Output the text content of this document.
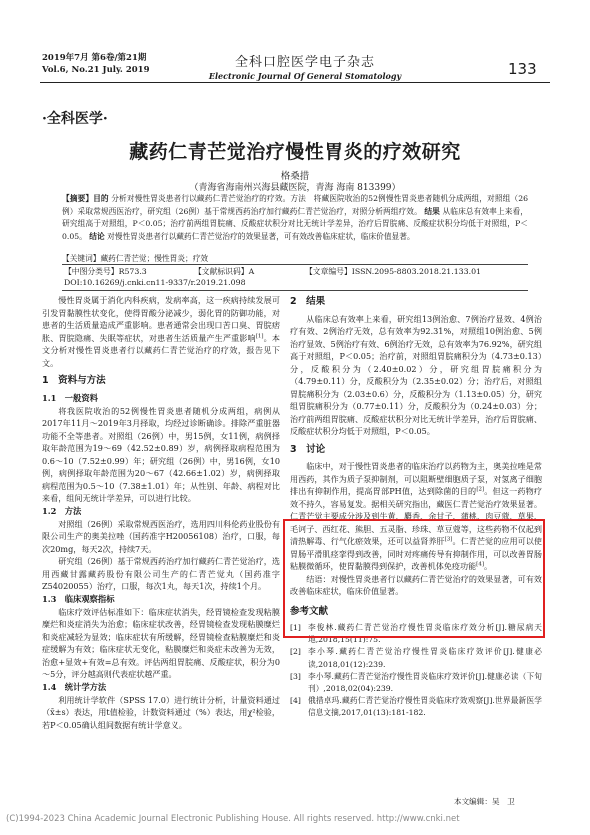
2019年7月 第6卷/第21期
Vol.6, No.21 July. 2019	全科口腔医学电子杂志
Electronic Journal Of General Stomatology	133
·全科医学·
藏药仁青芒觉治疗慢性胃炎的疗效研究
格桑措
（青海省海南州兴海县藏医院，青海 海南 813399）
【摘要】目的 分析对慢性胃炎患者行以藏药仁青芒觉治疗的疗效。方法　将藏医院收治的52例慢性胃炎患者随机分成两组，对照组（26例）采取常规西医治疗，研究组（26例）基于常规西药治疗加行藏药仁青芒觉治疗，对照分析两组疗效。 结果 从临床总有效率上来看，研究组高于对照组，P＜0.05；治疗前两组胃脘痛、反酸症状积分对比无统计学差异，治疗后胃脘痛、反酸症状积分均低于对照组，P＜0.05。 结论 对慢性胃炎患者行以藏药仁青芒觉治疗的效果显著，可有效改善临床症状，临床价值显著。
【关键词】藏药仁青芒觉；慢性胃炎；疗效
【中图分类号】R573.3	【文献标识码】A	【文章编号】ISSN.2095-8803.2018.21.133.01
DOI:10.16269/j.cnki.cn11-9337/r.2019.21.098

慢性胃炎属于消化内科疾病，发病率高，这一疾病持续发展可引发胃黏膜性状变化，使得胃酸分泌减少，弱化胃的防御功能，对患者的生活质量造成严重影响。患者通常会出现口苦口臭、胃脘痞胀、胃脘隐痛、失眠等症状，对患者生活质量产生严重影响[1]。本文分析对慢性胃炎患者行以藏药仁青芒觉治疗的疗效，报告见下文。

1　资料与方法
1.1　一般资料

将我医院收治的52例慢性胃炎患者随机分成两组，病例从2017年11月～2019年3月择取，均经过诊断确诊。排除严重脏器功能不全等患者。对照组（26例）中，男15例，女11例，病例择取年龄范围为19～69（42.52±0.89）岁，病例择取病程范围为0.6～10（7.52±0.99）年；研究组（26例）中，男16例，女10例，病例择取年龄范围为20～67（42.66±1.02）岁，病例择取病程范围为0.5～10（7.38±1.01）年；从性别、年龄、病程对比来看，组间无统计学差异，可以进行比较。

1.2　方法

对照组（26例）采取常规西医治疗，选用四川科伦药业股份有限公司生产的奥美拉唑（国药准字H20056108）治疗，口服，每次20mg，每天2次，持续7天。

研究组（26例）基于常规西药治疗加行藏药仁青芒觉治疗，选用西藏甘露藏药股份有限公司生产的仁青芒觉丸（国药准字Z54020055）治疗，口服，每次1丸，每天1次，持续1个月。

1.3　临床观察指标

临床疗效评估标准如下：临床症状消失，经胃镜检查发现粘膜糜烂和炎症消失为治愈；临床症状改善，经胃镜检查发现粘膜糜烂和炎症减轻为显效；临床症状有所缓解，经胃镜检查粘膜糜烂和炎症缓解为有效；临床症状无变化，粘膜糜烂和炎症未改善为无效，治愈+显效+有效=总有效。评估两组胃脘痛、反酸症状，积分为0～5分，评分越高则代表症状越严重。

1.4　统计学方法

利用统计学软件（SPSS 17.0）进行统计分析，计量资料通过（x̄±s）表达，用t值检验，计数资料通过（%）表达，用χ²检验，若P＜0.05确认组间数据有统计学意义。

2　结果

从临床总有效率上来看，研究组13例治愈、7例治疗显效、4例治疗有效、2例治疗无效，总有效率为92.31%，对照组10例治愈、5例治疗显效、5例治疗有效、6例治疗无效，总有效率为76.92%，研究组高于对照组，P＜0.05；治疗前，对照组胃脘痛积分为（4.73±0.13）分，反酸积分为（2.40±0.02）分，研究组胃脘痛积分为（4.79±0.11）分，反酸积分为（2.35±0.02）分；治疗后，对照组胃脘痛积分为（2.03±0.6）分，反酸积分为（1.13±0.05）分，研究组胃脘痛积分为（0.77±0.11）分，反酸积分为（0.24±0.03）分；治疗前两组胃脘痛、反酸症状积分对比无统计学差异，治疗后胃脘痛、反酸症状积分均低于对照组，P＜0.05。

3　讨论

临床中，对于慢性胃炎患者的临床治疗以药物为主，奥美拉唑是常用西药，其作为质子泵抑制剂，可以阻断壁细胞质子泵，对氢离子细胞排出有抑制作用，提高胃部PH值，达到除菌的目的[2]。但这一药物疗效不持久，容易复发。据相关研究指出，藏医仁青芒觉治疗效果显著。仁青芒觉主要成分涉及到牛黄、麝香、余甘子、蒲桃、肉豆蔻、草果、毛诃子、西红花、熊胆、五灵脂、珍珠、草豆蔻等，这些药物不仅起到清热解毒、行气化瘀效果，还可以益肾养肝[3]。仁青芒觉的应用可以使胃肠平滑肌痉挛得到改善，同时对疼痛传导有抑制作用，可以改善胃肠粘膜微循环，使胃黏膜得到保护，改善机体免疫功能[4]。

结语：对慢性胃炎患者行以藏药仁青芒觉治疗的效果显著，可有效改善临床症状，临床价值显著。

参考文献
[1] 李俊林.藏药仁青芒觉治疗慢性胃炎临床疗效分析[J].糖尿病天地,2018,15(11):75.
[2] 李小琴.藏药仁青芒觉治疗慢性胃炎临床疗效评价[J].健康必读,2018,01(12):239.
[3] 李小琴.藏药仁青芒觉治疗慢性胃炎临床疗效评价[J].健康必读（下旬刊）,2018,02(04):239.
[4] 俄措卓玛.藏药仁青芒觉治疗慢性胃炎临床疗效观察[J].世界最新医学信息文摘,2017,01(13):181-182.
本文编辑：吴　卫
(C)1994-2023 China Academic Journal Electronic Publishing House. All rights reserved. http://www.cnki.net
